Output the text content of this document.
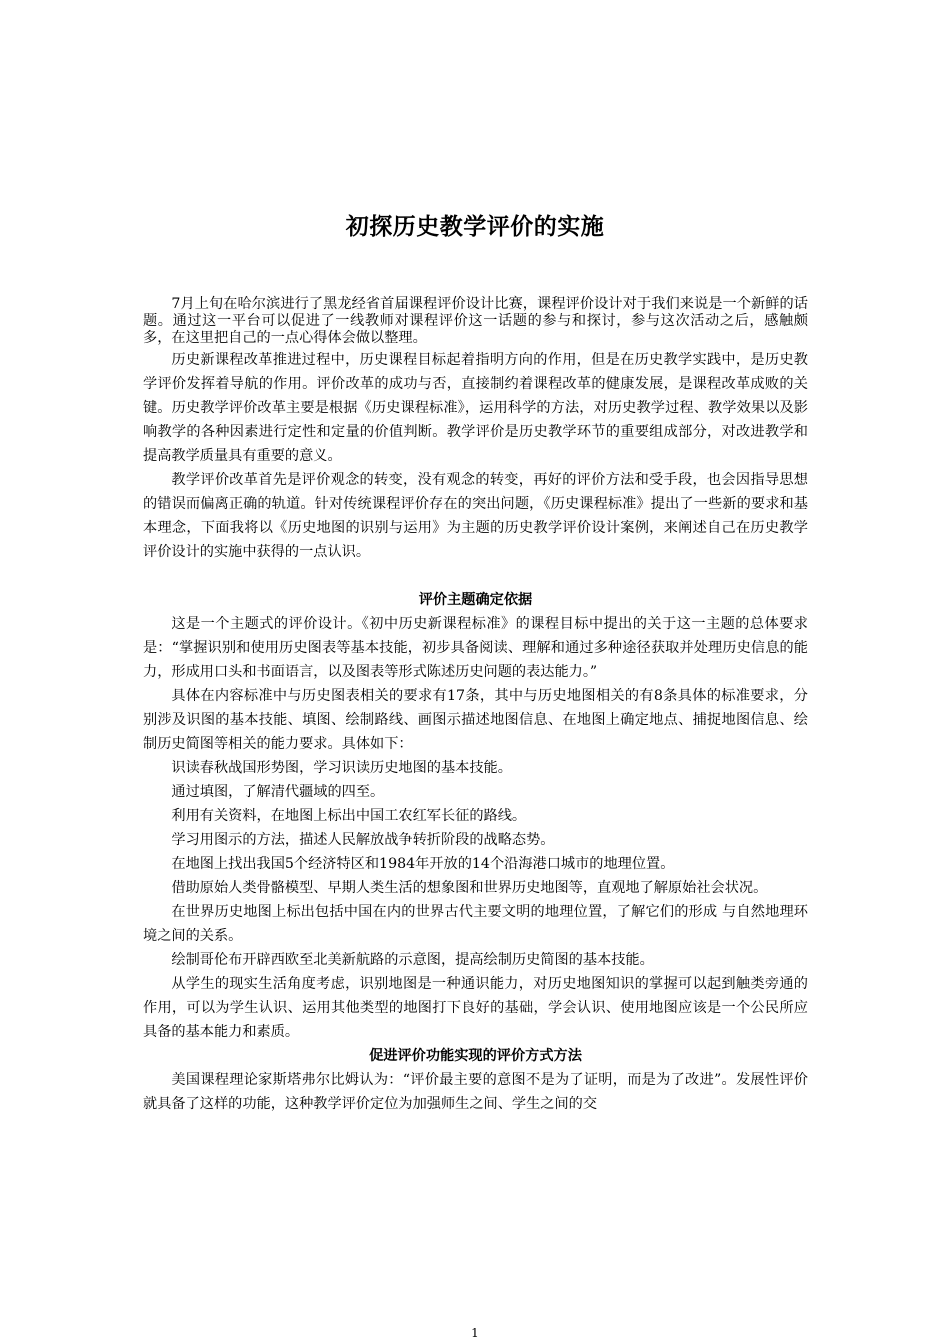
初探历史教学评价的实施

7月上旬在哈尔滨进行了黑龙经省首届课程评价设计比赛，课程评价设计对于我们来说是一个新鲜的话题。通过这一平台可以促进了一线教师对课程评价这一话题的参与和探讨，参与这次活动之后，感触颇多，在这里把自己的一点心得体会做以整理。

历史新课程改革推进过程中，历史课程目标起着指明方向的作用，但是在历史教学实践中，是历史教学评价发挥着导航的作用。评价改革的成功与否，直接制约着课程改革的健康发展，是课程改革成败的关键。历史教学评价改革主要是根据《历史课程标准》，运用科学的方法，对历史教学过程、教学效果以及影响教学的各种因素进行定性和定量的价值判断。教学评价是历史教学环节的重要组成部分，对改进教学和提高教学质量具有重要的意义。

教学评价改革首先是评价观念的转变，没有观念的转变，再好的评价方法和受手段，也会因指导思想的错误而偏离正确的轨道。针对传统课程评价存在的突出问题，《历史课程标准》提出了一些新的要求和基本理念，下面我将以《历史地图的识别与运用》为主题的历史教学评价设计案例，来阐述自己在历史教学评价设计的实施中获得的一点认识。

评价主题确定依据

这是一个主题式的评价设计。《初中历史新课程标准》的课程目标中提出的关于这一主题的总体要求是：“掌握识别和使用历史图表等基本技能，初步具备阅读、理解和通过多种途径获取并处理历史信息的能力，形成用口头和书面语言，以及图表等形式陈述历史问题的表达能力。”

具体在内容标准中与历史图表相关的要求有17条，其中与历史地图相关的有8条具体的标准要求，分别涉及识图的基本技能、填图、绘制路线、画图示描述地图信息、在地图上确定地点、捕捉地图信息、绘制历史简图等相关的能力要求。具体如下：

识读春秋战国形势图，学习识读历史地图的基本技能。

通过填图，了解清代疆域的四至。

利用有关资料，在地图上标出中国工农红军长征的路线。

学习用图示的方法，描述人民解放战争转折阶段的战略态势。

在地图上找出我国5个经济特区和1984年开放的14个沿海港口城市的地理位置。

借助原始人类骨骼模型、早期人类生活的想象图和世界历史地图等，直观地了解原始社会状况。

在世界历史地图上标出包括中国在内的世界古代主要文明的地理位置，了解它们的形成 与自然地理环境之间的关系。

绘制哥伦布开辟西欧至北美新航路的示意图，提高绘制历史简图的基本技能。

从学生的现实生活角度考虑，识别地图是一种通识能力，对历史地图知识的掌握可以起到触类旁通的作用，可以为学生认识、运用其他类型的地图打下良好的基础，学会认识、使用地图应该是一个公民所应具备的基本能力和素质。

促进评价功能实现的评价方式方法

美国课程理论家斯塔弗尔比姆认为：“评价最主要的意图不是为了证明，而是为了改进”。发展性评价就具备了这样的功能，这种教学评价定位为加强师生之间、学生之间的交

1
